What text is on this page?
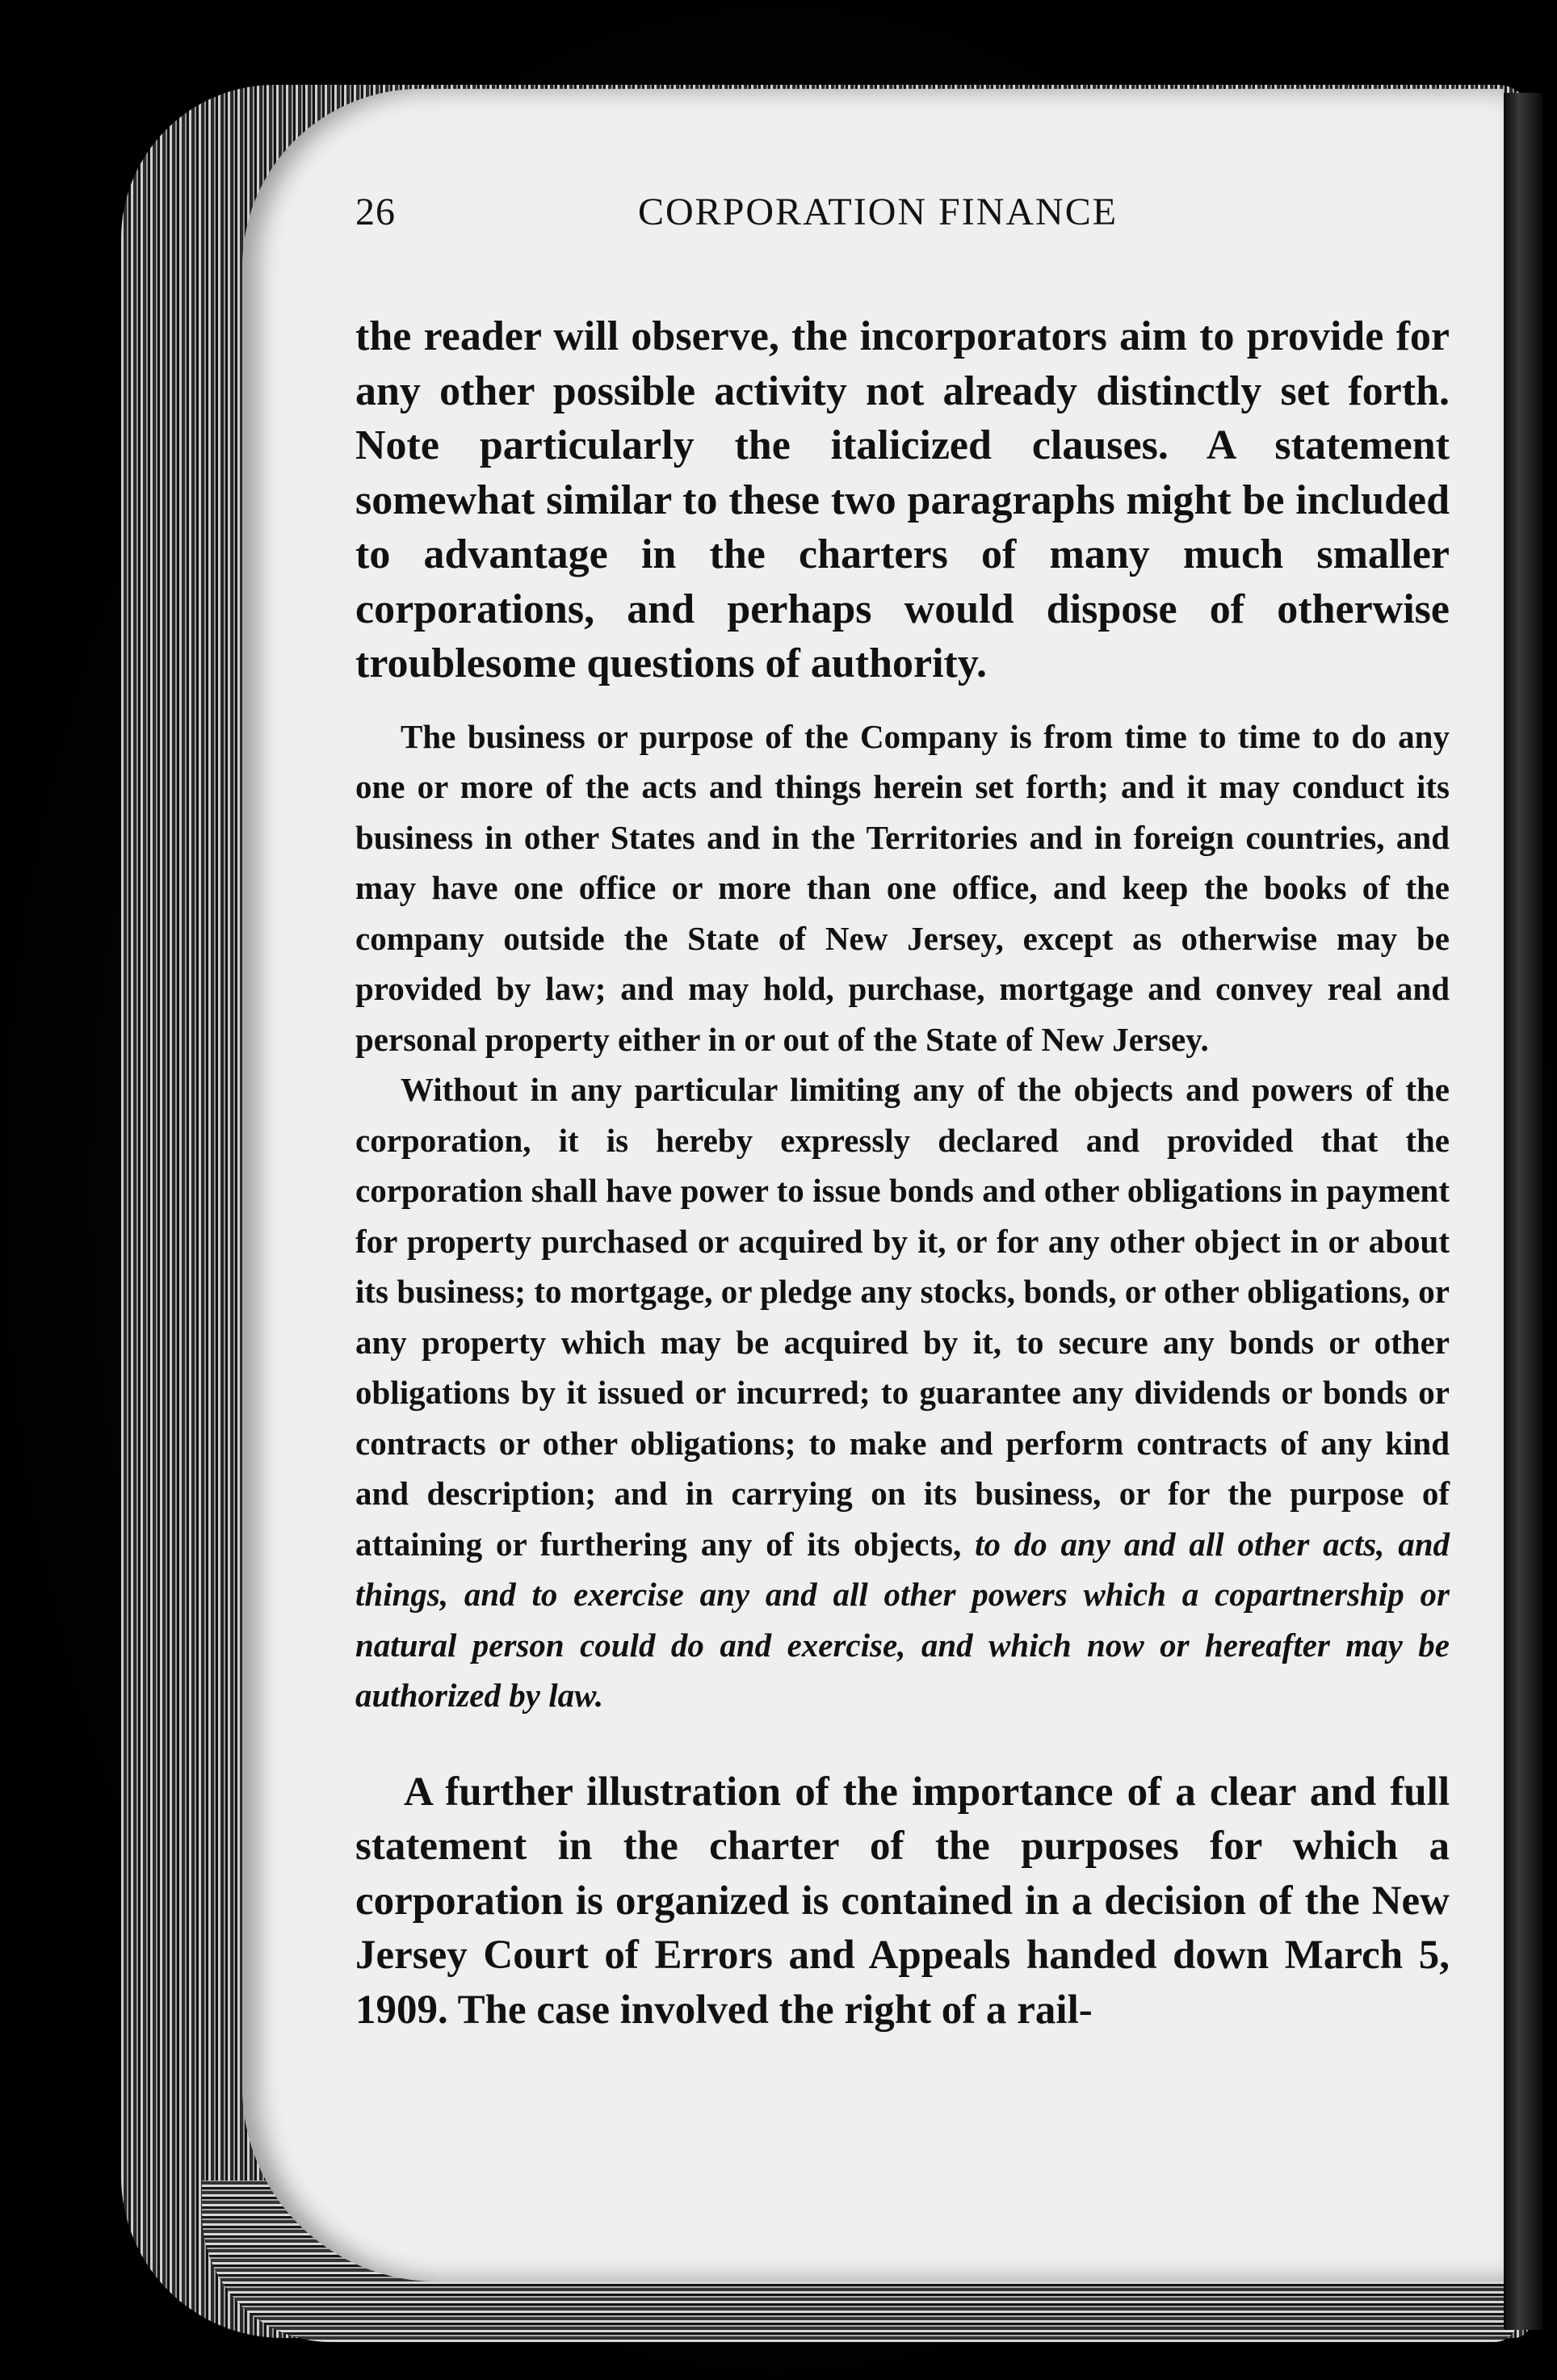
26	CORPORATION FINANCE

the reader will observe, the incorporators aim to provide for any other possible activity not already distinctly set forth. Note particularly the italicized clauses. A statement somewhat similar to these two paragraphs might be included to advantage in the charters of many much smaller corporations, and perhaps would dispose of otherwise troublesome questions of authority.

The business or purpose of the Company is from time to time to do any one or more of the acts and things herein set forth; and it may conduct its business in other States and in the Territories and in foreign countries, and may have one office or more than one office, and keep the books of the company outside the State of New Jersey, except as otherwise may be provided by law; and may hold, purchase, mortgage and convey real and personal property either in or out of the State of New Jersey.

Without in any particular limiting any of the objects and powers of the corporation, it is hereby expressly declared and provided that the corporation shall have power to issue bonds and other obligations in payment for property purchased or acquired by it, or for any other object in or about its business; to mortgage, or pledge any stocks, bonds, or other obligations, or any property which may be acquired by it, to secure any bonds or other obligations by it issued or incurred; to guarantee any dividends or bonds or contracts or other obligations; to make and perform contracts of any kind and description; and in carrying on its business, or for the purpose of attaining or furthering any of its objects, to do any and all other acts, and things, and to exercise any and all other powers which a copartnership or natural person could do and exercise, and which now or hereafter may be authorized by law.

A further illustration of the importance of a clear and full statement in the charter of the purposes for which a corporation is organized is contained in a decision of the New Jersey Court of Errors and Appeals handed down March 5, 1909. The case involved the right of a rail-
